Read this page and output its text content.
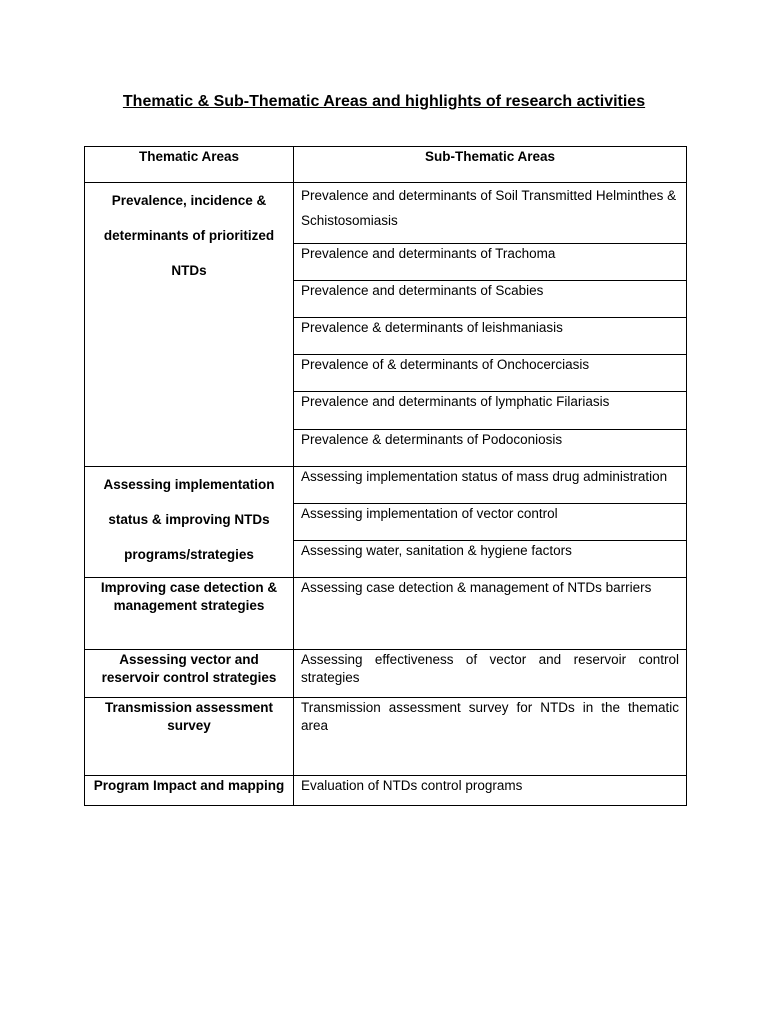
Thematic & Sub-Thematic Areas and highlights of research activities
Thematic Areas	Sub-Thematic Areas

Prevalence, incidence &
determinants of prioritized
NTDs	Prevalence and determinants of Soil Transmitted Helminthes & Schistosomiasis
	Prevalence and determinants of Trachoma
	Prevalence and determinants of Scabies
	Prevalence & determinants of leishmaniasis
	Prevalence of & determinants of Onchocerciasis
	Prevalence and determinants of lymphatic Filariasis
	Prevalence & determinants of Podoconiosis

Assessing implementation
status & improving NTDs
programs/strategies	Assessing implementation status of mass drug administration
	Assessing implementation of vector control
	Assessing water, sanitation & hygiene factors
Improving case detection & management strategies	Assessing case detection & management of NTDs barriers
Assessing vector and reservoir control strategies	Assessing effectiveness of vector and reservoir control strategies
Transmission assessment survey	Transmission assessment survey for NTDs in the thematic area
Program Impact and mapping	Evaluation of NTDs control programs
